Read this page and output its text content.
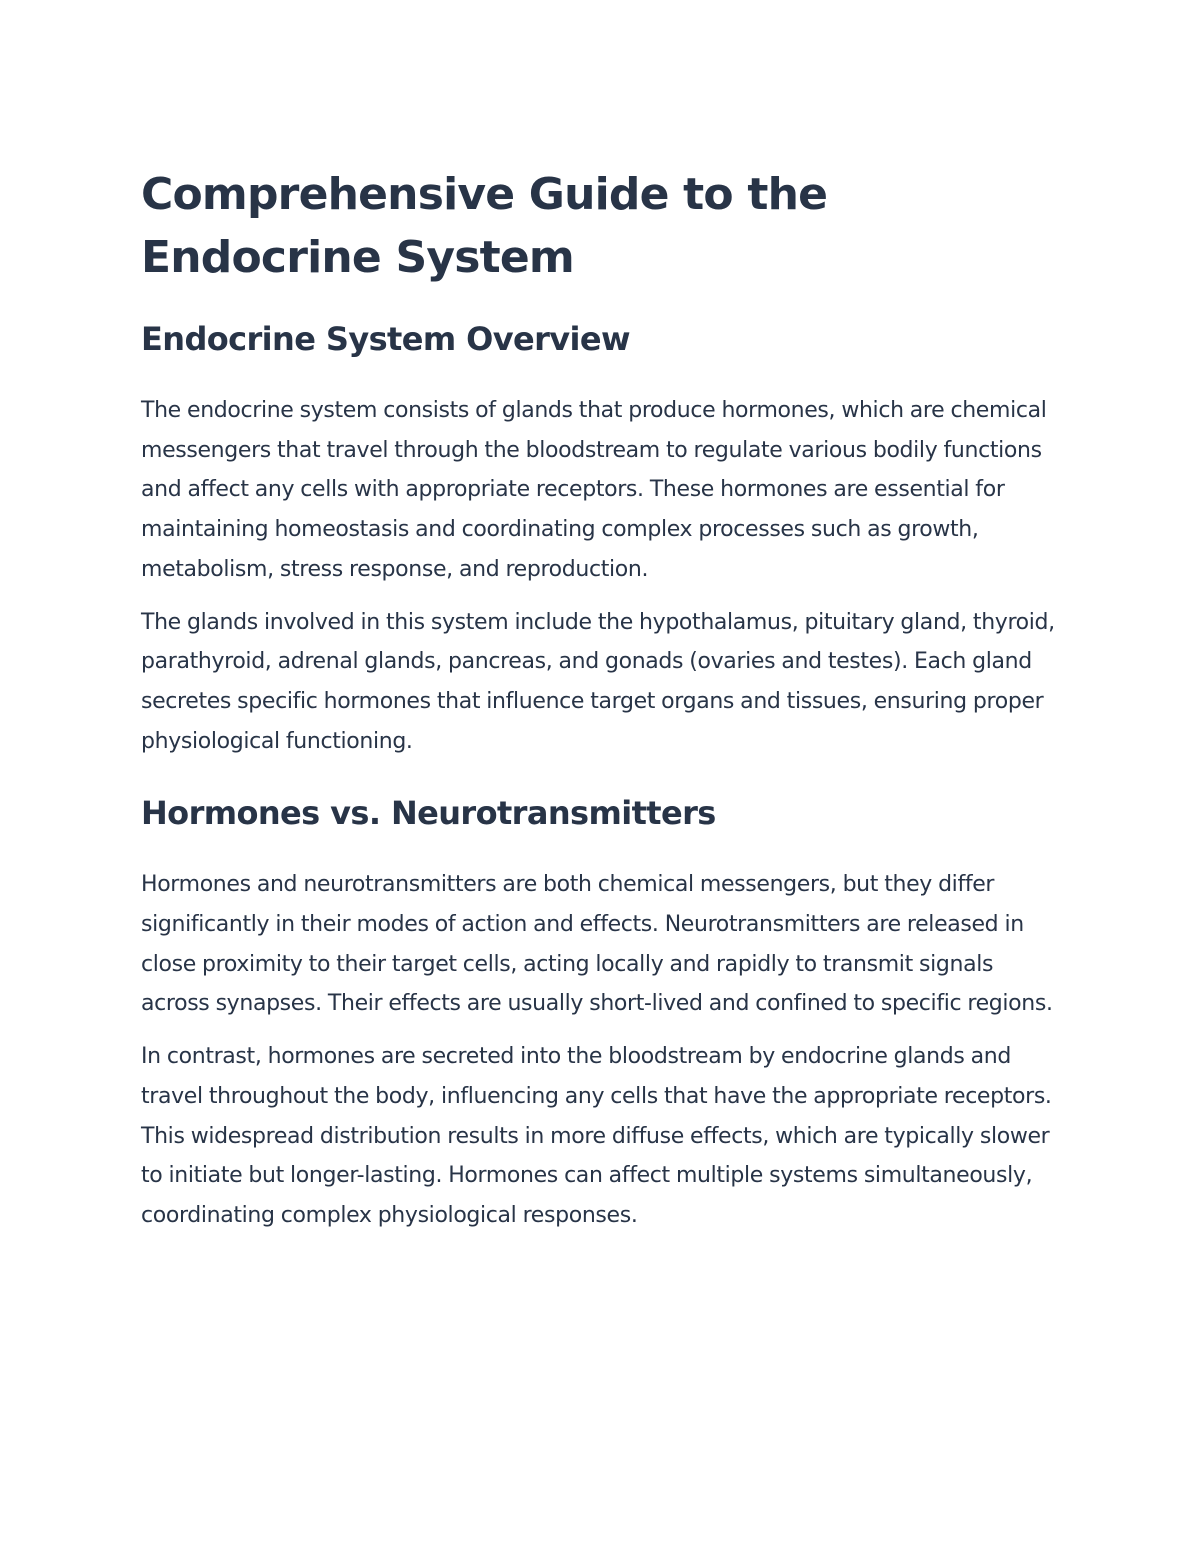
Comprehensive Guide to the Endocrine System
Endocrine System Overview

The endocrine system consists of glands that produce hormones, which are chemical messengers that travel through the bloodstream to regulate various bodily functions and affect any cells with appropriate receptors. These hormones are essential for maintaining homeostasis and coordinating complex processes such as growth, metabolism, stress response, and reproduction.

The glands involved in this system include the hypothalamus, pituitary gland, thyroid, parathyroid, adrenal glands, pancreas, and gonads (ovaries and testes). Each gland secretes specific hormones that influence target organs and tissues, ensuring proper physiological functioning.

Hormones vs. Neurotransmitters

Hormones and neurotransmitters are both chemical messengers, but they differ significantly in their modes of action and effects. Neurotransmitters are released in close proximity to their target cells, acting locally and rapidly to transmit signals across synapses. Their effects are usually short-lived and confined to specific regions.

In contrast, hormones are secreted into the bloodstream by endocrine glands and travel throughout the body, influencing any cells that have the appropriate receptors. This widespread distribution results in more diffuse effects, which are typically slower to initiate but longer-lasting. Hormones can affect multiple systems simultaneously, coordinating complex physiological responses.
